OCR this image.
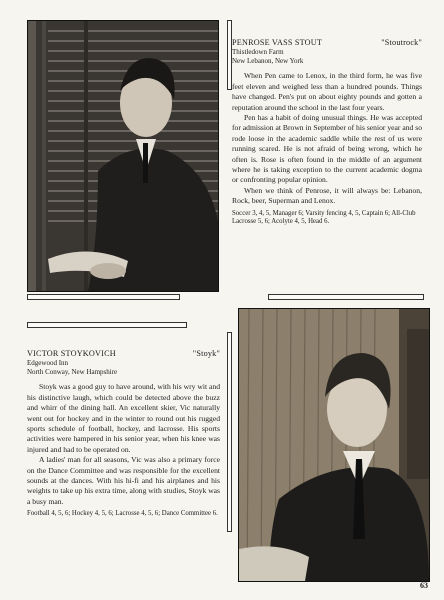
PENROSE VASS STOUT	"Stoutrock"
Thistledown Farm
New Lebanon, New York

When Pen came to Lenox, in the third form, he was five feet eleven and weighed less than a hundred pounds. Things have changed. Pen's put on about eighty pounds and gotten a reputation around the school in the last four years.

Pen has a habit of doing unusual things. He was accepted for admission at Brown in September of his senior year and so rode loose in the academic saddle while the rest of us were running scared. He is not afraid of being wrong, which he often is. Rose is often found in the middle of an argument where he is taking exception to the current academic dogma or confronting popular opinion.

When we think of Penrose, it will always be: Lebanon, Rock, beer, Superman and Lenox.

Soccer 3, 4, 5, Manager 6; Varsity fencing 4, 5, Captain 6; All-Club Lacrosse 5, 6; Acolyte 4, 5, Head 6.
VICTOR STOYKOVICH	"Stoyk"
Edgewood Inn
North Conway, New Hampshire

Stoyk was a good guy to have around, with his wry wit and his distinctive laugh, which could be detected above the buzz and whirr of the dining hall. An excellent skier, Vic naturally went out for hockey and in the winter to round out his rugged sports schedule of football, hockey, and lacrosse. His sports activities were hampered in his senior year, when his knee was injured and had to be operated on.

A ladies' man for all seasons, Vic was also a primary force on the Dance Committee and was responsible for the excellent sounds at the dances. With his hi-fi and his airplanes and his weights to take up his extra time, along with studies, Stoyk was a busy man.

Football 4, 5, 6; Hockey 4, 5, 6; Lacrosse 4, 5, 6; Dance Committee 6.
63
